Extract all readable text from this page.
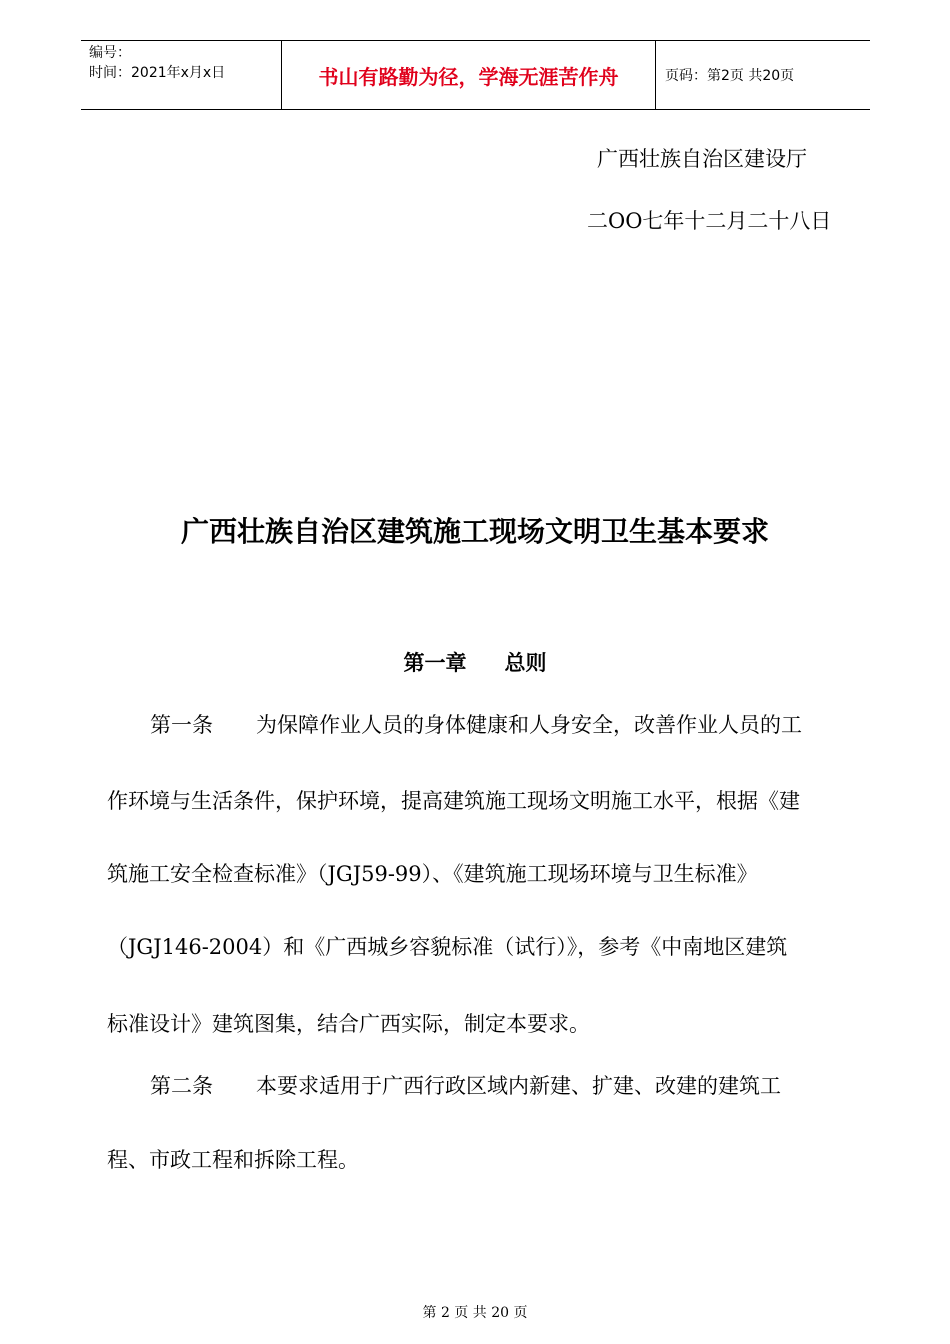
编号：
时间：2021年x月x日	书山有路勤为径，学海无涯苦作舟	页码：第2页 共20页
广西壮族自治区建设厅
二OO七年十二月二十八日
广西壮族自治区建筑施工现场文明卫生基本要求
第一章 总则
第一条 为保障作业人员的身体健康和人身安全，改善作业人员的工
作环境与生活条件，保护环境，提高建筑施工现场文明施工水平，根据《建
筑施工安全检查标准》（JGJ59-99）、《建筑施工现场环境与卫生标准》
（JGJ146-2004）和《广西城乡容貌标准（试行）》，参考《中南地区建筑
标准设计》建筑图集，结合广西实际，制定本要求。
第二条 本要求适用于广西行政区域内新建、扩建、改建的建筑工
程、市政工程和拆除工程。
第 2 页 共 20 页
